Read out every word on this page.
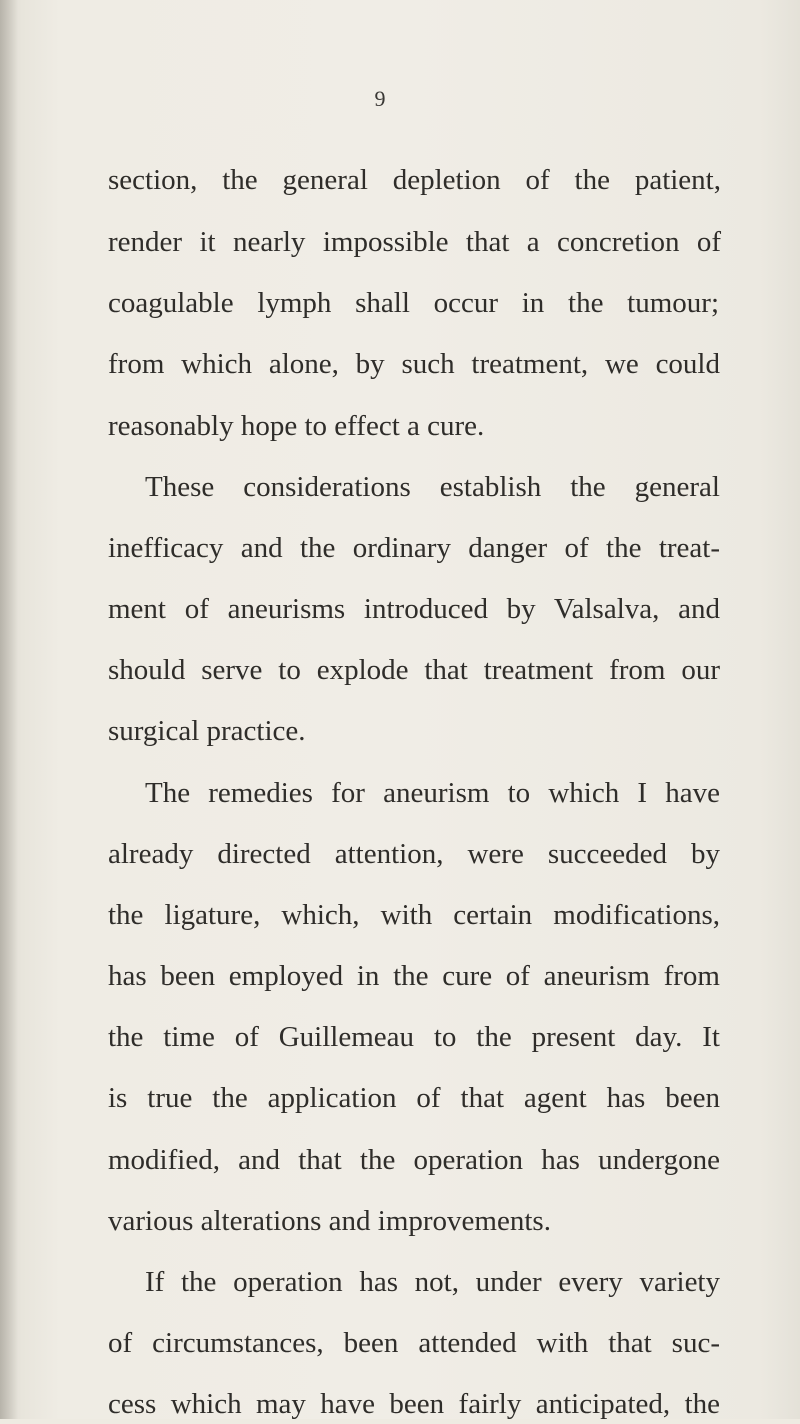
9
section, the general depletion of the patient,
render it nearly impossible that a concretion of
coagulable lymph shall occur in the tumour;
from which alone, by such treatment, we could
reasonably hope to effect a cure.
These considerations establish the general
inefficacy and the ordinary danger of the treat-
ment of aneurisms introduced by Valsalva, and
should serve to explode that treatment from our
surgical practice.
The remedies for aneurism to which I have
already directed attention, were succeeded by
the ligature, which, with certain modifications,
has been employed in the cure of aneurism from
the time of Guillemeau to the present day. It
is true the application of that agent has been
modified, and that the operation has undergone
various alterations and improvements.
If the operation has not, under every variety
of circumstances, been attended with that suc-
cess which may have been fairly anticipated, the
